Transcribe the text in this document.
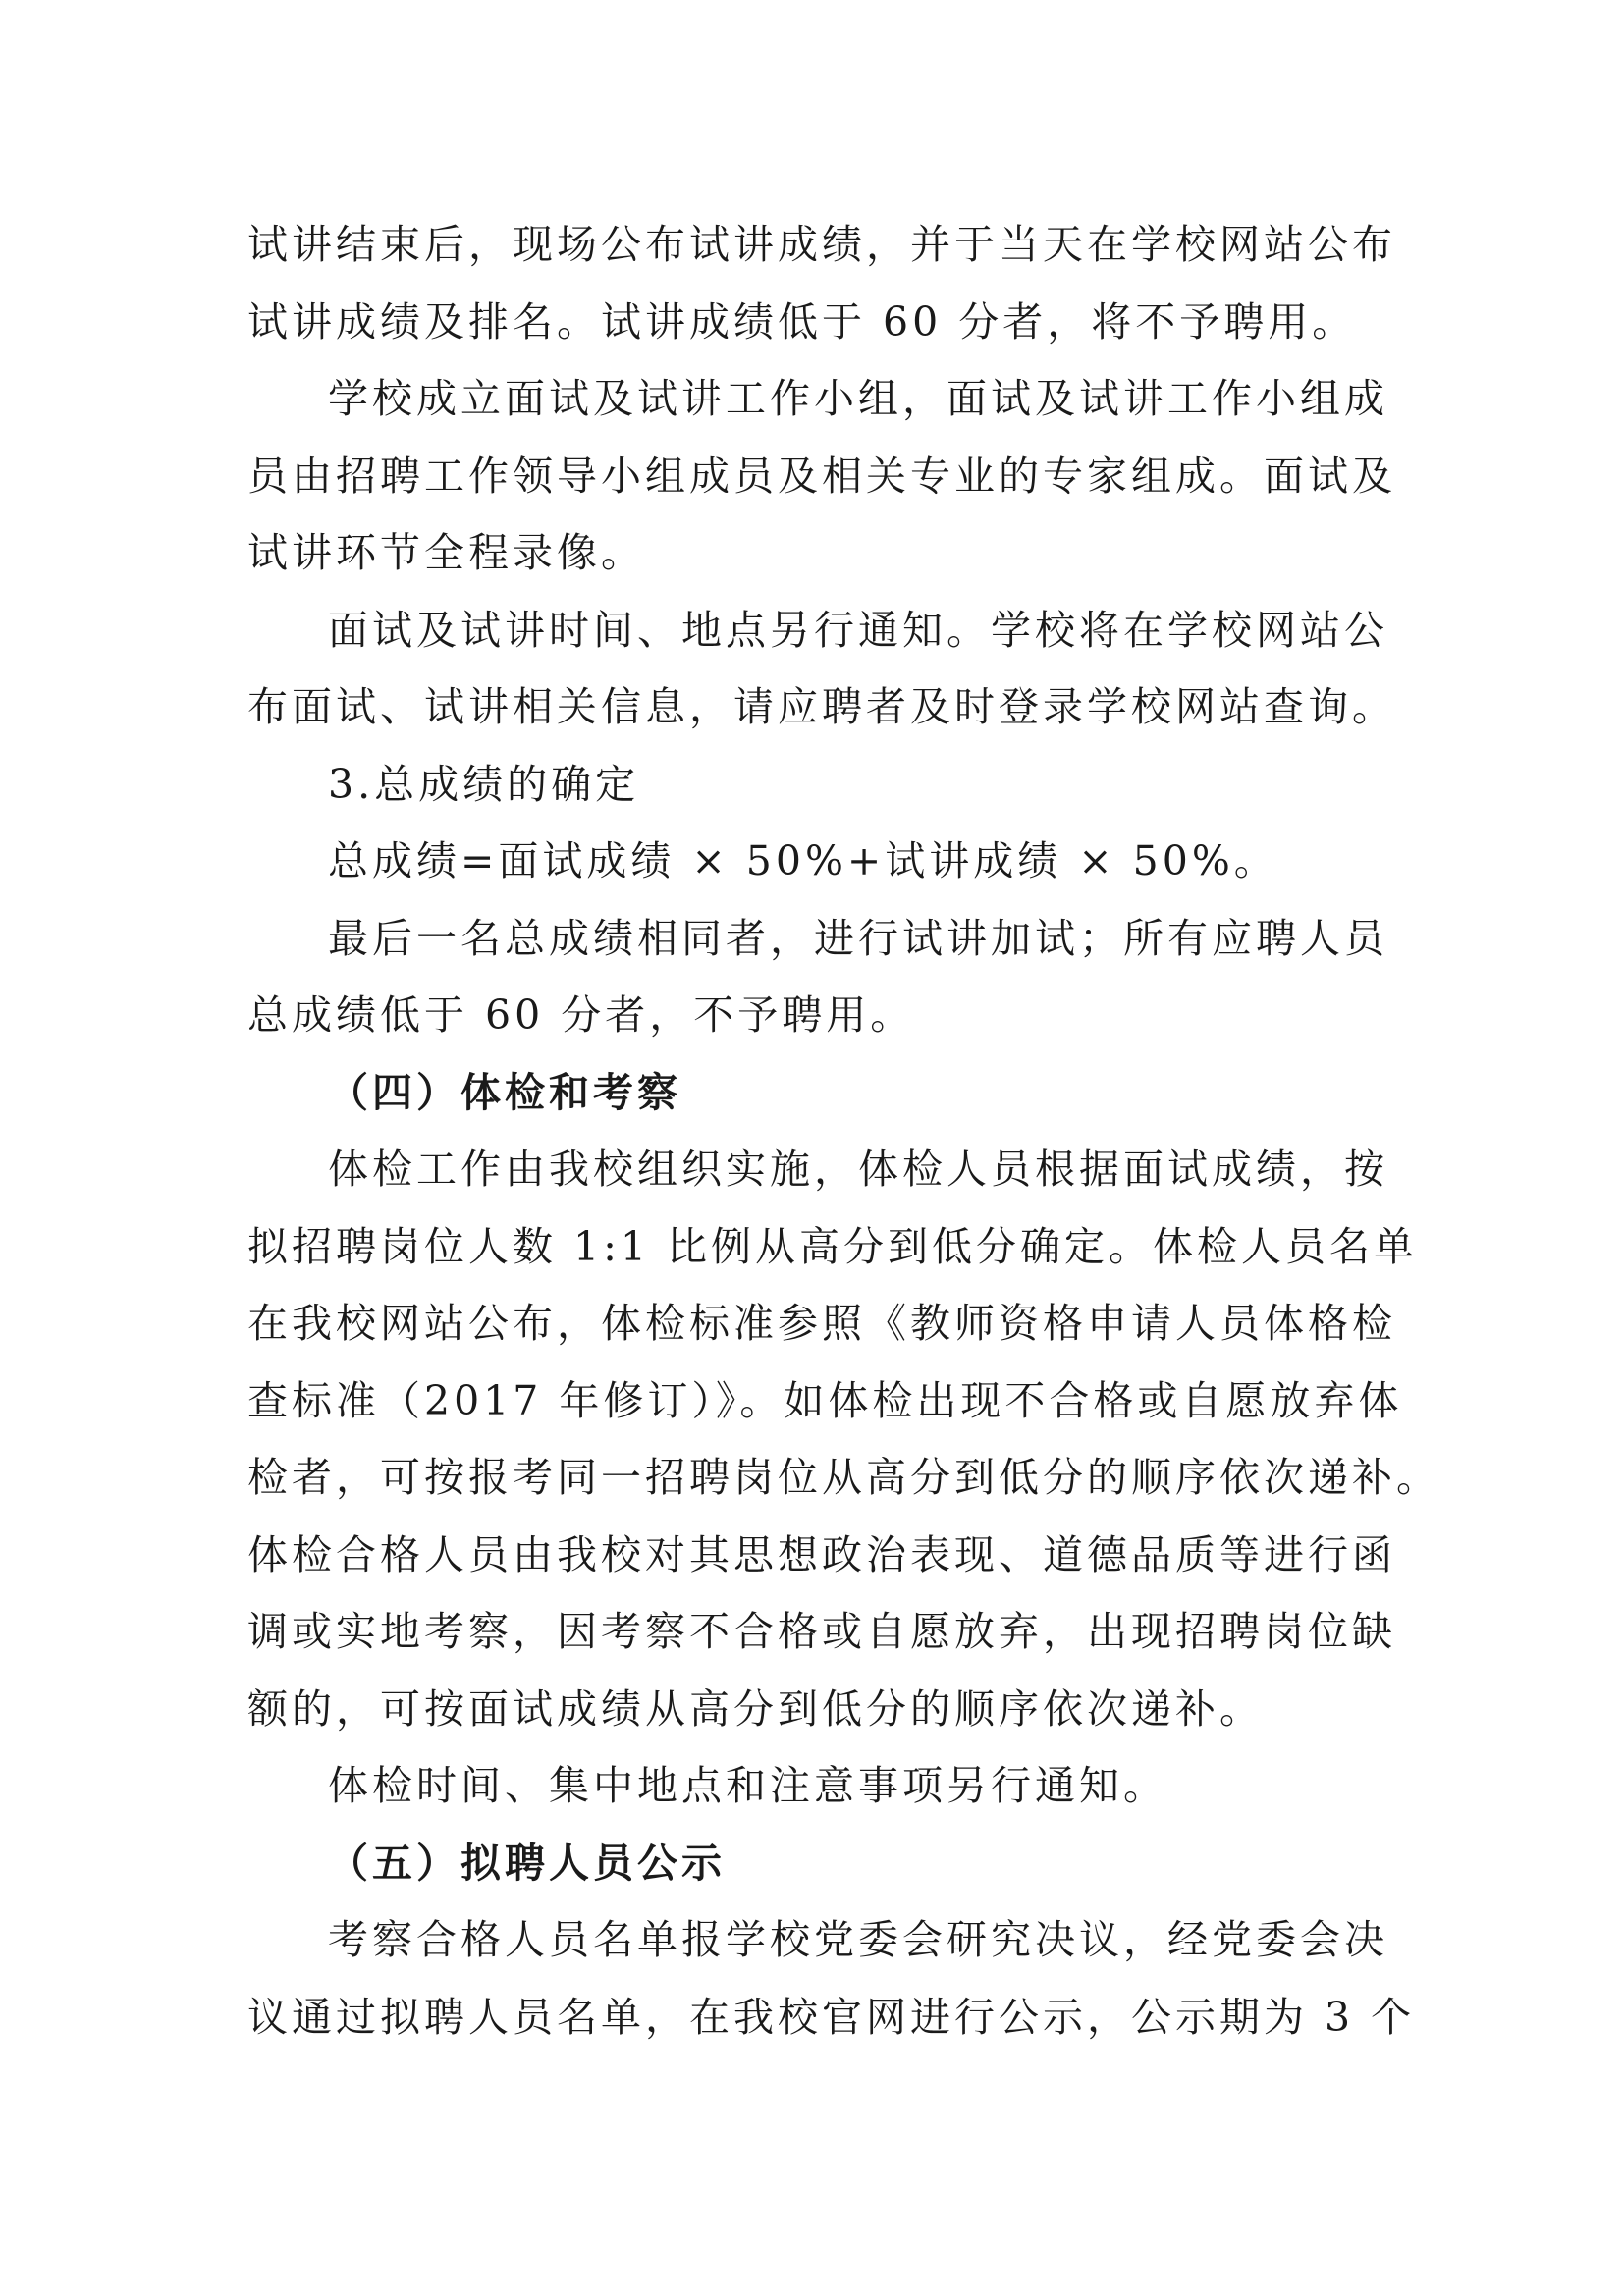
试讲结束后，现场公布试讲成绩，并于当天在学校网站公布
试讲成绩及排名。试讲成绩低于 60 分者，将不予聘用。
学校成立面试及试讲工作小组，面试及试讲工作小组成
员由招聘工作领导小组成员及相关专业的专家组成。面试及
试讲环节全程录像。
面试及试讲时间、地点另行通知。学校将在学校网站公
布面试、试讲相关信息，请应聘者及时登录学校网站查询。
3.总成绩的确定
总成绩=面试成绩 × 50%+试讲成绩 × 50%。
最后一名总成绩相同者，进行试讲加试；所有应聘人员
总成绩低于 60 分者，不予聘用。
（四）体检和考察
体检工作由我校组织实施，体检人员根据面试成绩，按
拟招聘岗位人数 1:1 比例从高分到低分确定。体检人员名单
在我校网站公布，体检标准参照《教师资格申请人员体格检
查标准（2017 年修订）》。如体检出现不合格或自愿放弃体
检者，可按报考同一招聘岗位从高分到低分的顺序依次递补。
体检合格人员由我校对其思想政治表现、道德品质等进行函
调或实地考察，因考察不合格或自愿放弃，出现招聘岗位缺
额的，可按面试成绩从高分到低分的顺序依次递补。
体检时间、集中地点和注意事项另行通知。
（五）拟聘人员公示
考察合格人员名单报学校党委会研究决议，经党委会决
议通过拟聘人员名单，在我校官网进行公示，公示期为 3 个
